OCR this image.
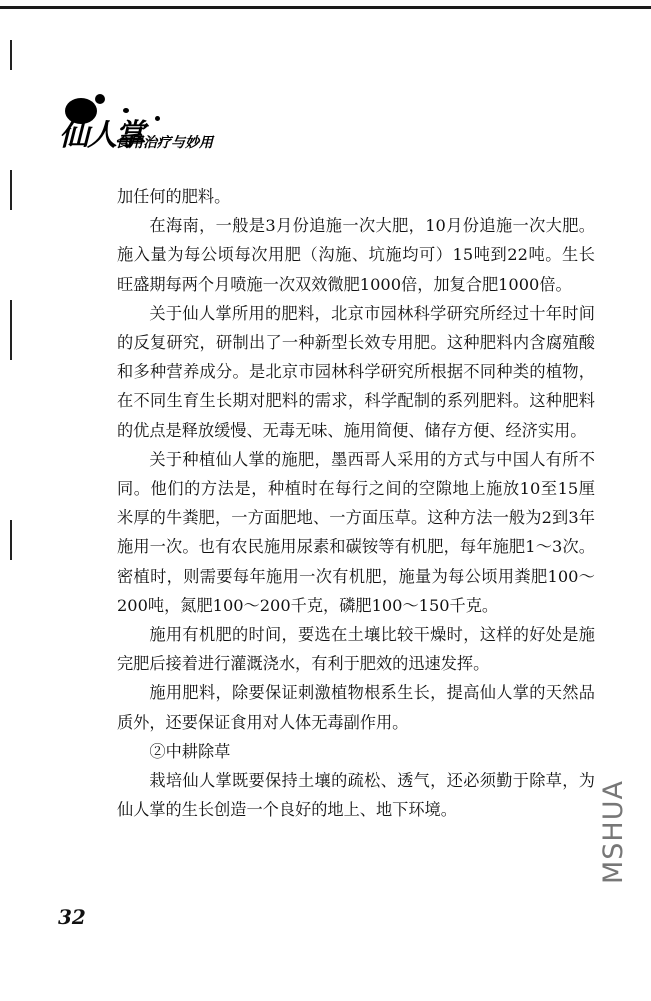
仙人掌
食用治疗与妙用

加任何的肥料。

在海南，一般是3月份追施一次大肥，10月份追施一次大肥。施入量为每公顷每次用肥（沟施、坑施均可）15吨到22吨。生长旺盛期每两个月喷施一次双效微肥1000倍，加复合肥1000倍。

关于仙人掌所用的肥料，北京市园林科学研究所经过十年时间的反复研究，研制出了一种新型长效专用肥。这种肥料内含腐殖酸和多种营养成分。是北京市园林科学研究所根据不同种类的植物，在不同生育生长期对肥料的需求，科学配制的系列肥料。这种肥料的优点是释放缓慢、无毒无味、施用简便、储存方便、经济实用。

关于种植仙人掌的施肥，墨西哥人采用的方式与中国人有所不同。他们的方法是，种植时在每行之间的空隙地上施放10至15厘米厚的牛粪肥，一方面肥地、一方面压草。这种方法一般为2到3年施用一次。也有农民施用尿素和碳铵等有机肥，每年施肥1～3次。密植时，则需要每年施用一次有机肥，施量为每公顷用粪肥100～200吨，氮肥100～200千克，磷肥100～150千克。

施用有机肥的时间，要选在土壤比较干燥时，这样的好处是施完肥后接着进行灌溉浇水，有利于肥效的迅速发挥。

施用肥料，除要保证刺激植物根系生长，提高仙人掌的天然品质外，还要保证食用对人体无毒副作用。

②中耕除草

栽培仙人掌既要保持土壤的疏松、透气，还必须勤于除草，为仙人掌的生长创造一个良好的地上、地下环境。

32
MSHUA
